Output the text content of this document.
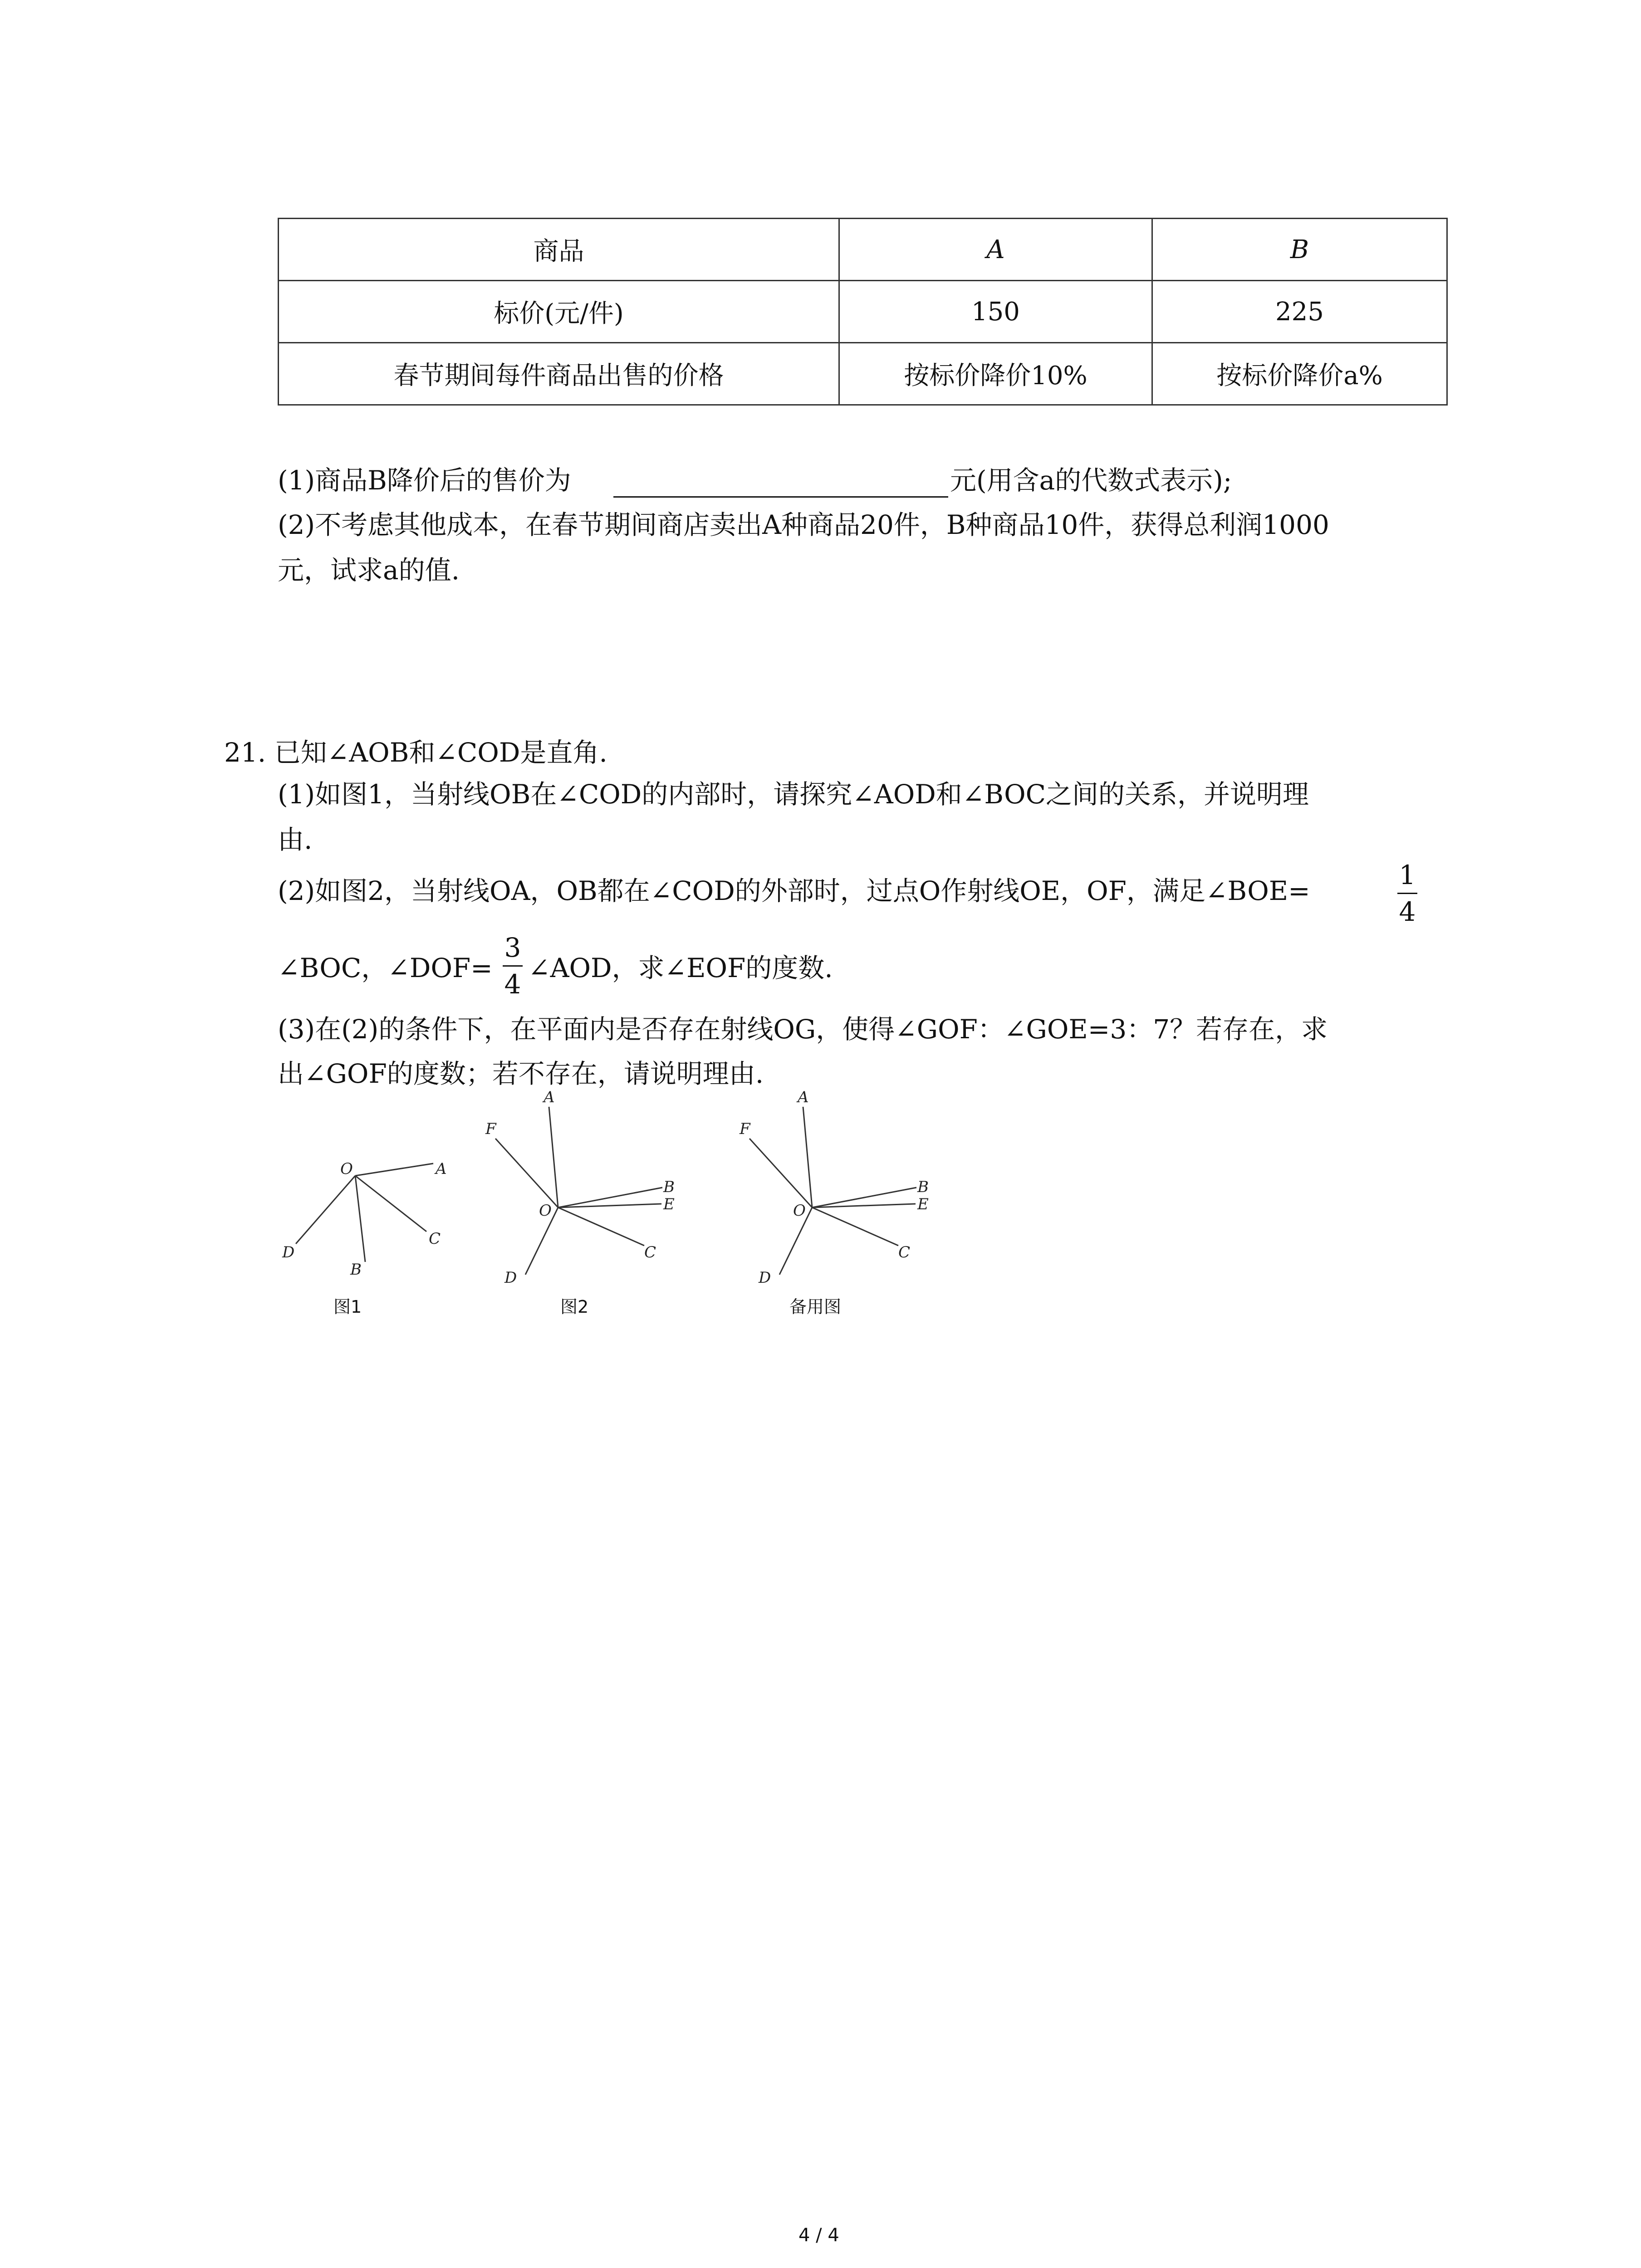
商品	A	B
标价(元/件)	150	225
春节期间每件商品出售的价格	按标价降价10%	按标价降价a%
(1)商品B降价后的售价为	元(用含a的代数式表示);
(2)不考虑其他成本，在春节期间商店卖出A种商品20件，B种商品10件，获得总利润1000
元，试求a的值.
21. 已知∠AOB和∠COD是直角.
(1)如图1，当射线OB在∠COD的内部时，请探究∠AOD和∠BOC之间的关系，并说明理
由.
(2)如图2，当射线OA，OB都在∠COD的外部时，过点O作射线OE，OF，满足∠BOE=
1
4
∠BOC，∠DOF=
3
4
∠AOD，求∠EOF的度数.
(3)在(2)的条件下，在平面内是否存在射线OG，使得∠GOF：∠GOE=3：7？若存在，求
出∠GOF的度数；若不存在，请说明理由.
O	A
C
B
D
图1
A
F
O
B
E
C
D
图2
A
F
O
B
E
C
D
备用图
4 / 4
